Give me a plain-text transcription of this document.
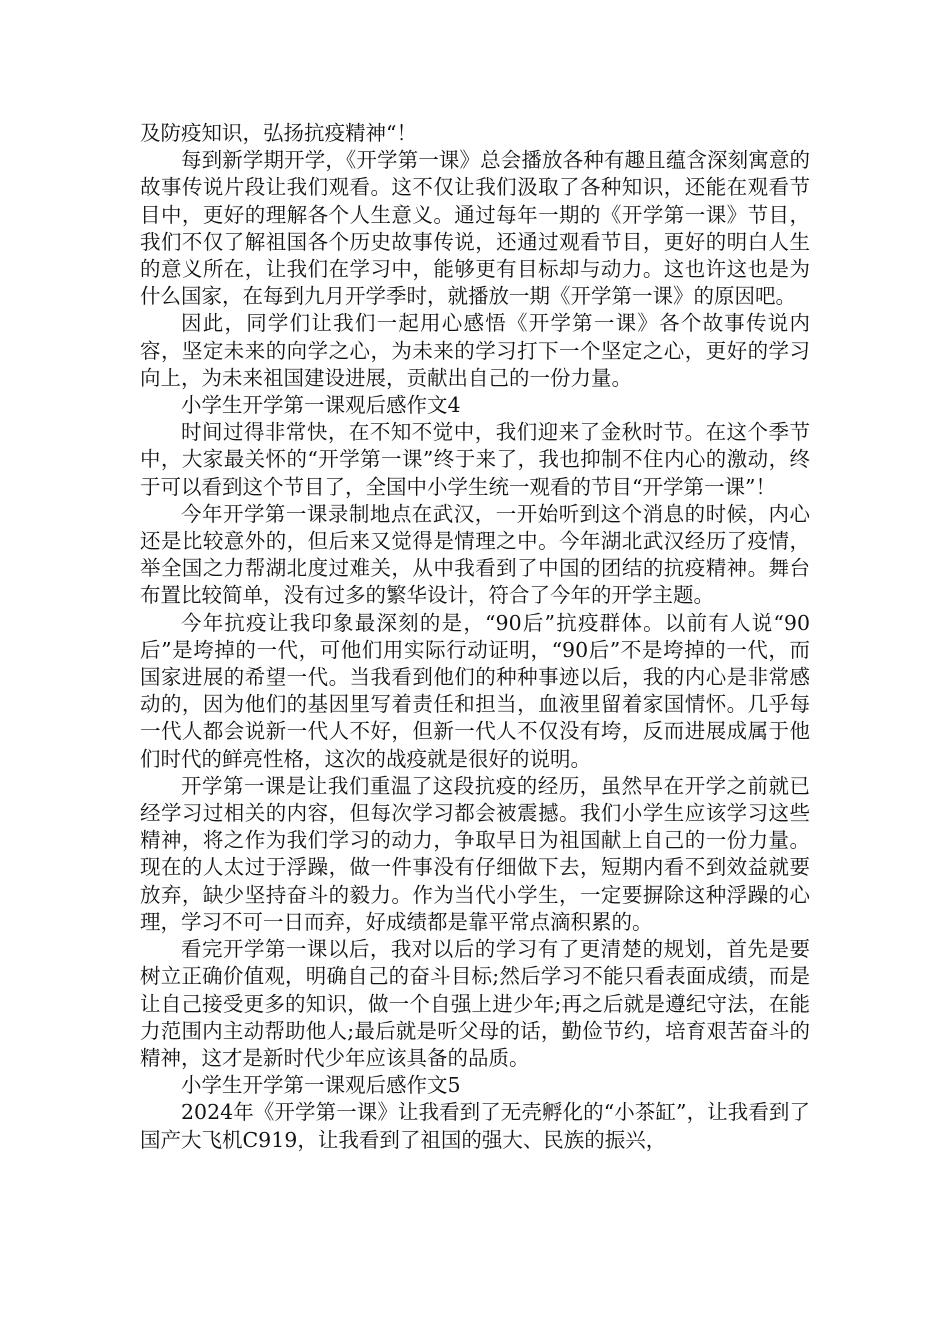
及防疫知识，弘扬抗疫精神“！

每到新学期开学，《开学第一课》总会播放各种有趣且蕴含深刻寓意的故事传说片段让我们观看。这不仅让我们汲取了各种知识，还能在观看节目中，更好的理解各个人生意义。通过每年一期的《开学第一课》节目，我们不仅了解祖国各个历史故事传说，还通过观看节目，更好的明白人生的意义所在，让我们在学习中，能够更有目标却与动力。这也许这也是为什么国家，在每到九月开学季时，就播放一期《开学第一课》的原因吧。

因此，同学们让我们一起用心感悟《开学第一课》各个故事传说内容，坚定未来的向学之心，为未来的学习打下一个坚定之心，更好的学习向上，为未来祖国建设进展，贡献出自己的一份力量。

小学生开学第一课观后感作文4

时间过得非常快，在不知不觉中，我们迎来了金秋时节。在这个季节中，大家最关怀的“开学第一课”终于来了，我也抑制不住内心的激动，终于可以看到这个节目了，全国中小学生统一观看的节目“开学第一课”！

今年开学第一课录制地点在武汉，一开始听到这个消息的时候，内心还是比较意外的，但后来又觉得是情理之中。今年湖北武汉经历了疫情，举全国之力帮湖北度过难关，从中我看到了中国的团结的抗疫精神。舞台布置比较简单，没有过多的繁华设计，符合了今年的开学主题。

今年抗疫让我印象最深刻的是，“90后”抗疫群体。以前有人说“90后”是垮掉的一代，可他们用实际行动证明，“90后”不是垮掉的一代，而国家进展的希望一代。当我看到他们的种种事迹以后，我的内心是非常感动的，因为他们的基因里写着责任和担当，血液里留着家国情怀。几乎每一代人都会说新一代人不好，但新一代人不仅没有垮，反而进展成属于他们时代的鲜亮性格，这次的战疫就是很好的说明。

开学第一课是让我们重温了这段抗疫的经历，虽然早在开学之前就已经学习过相关的内容，但每次学习都会被震撼。我们小学生应该学习这些精神，将之作为我们学习的动力，争取早日为祖国献上自己的一份力量。现在的人太过于浮躁，做一件事没有仔细做下去，短期内看不到效益就要放弃，缺少坚持奋斗的毅力。作为当代小学生，一定要摒除这种浮躁的心理，学习不可一日而弃，好成绩都是靠平常点滴积累的。

看完开学第一课以后，我对以后的学习有了更清楚的规划，首先是要树立正确价值观，明确自己的奋斗目标;然后学习不能只看表面成绩，而是让自己接受更多的知识，做一个自强上进少年;再之后就是遵纪守法，在能力范围内主动帮助他人;最后就是听父母的话，勤俭节约，培育艰苦奋斗的精神，这才是新时代少年应该具备的品质。

小学生开学第一课观后感作文5

2024年《开学第一课》让我看到了无壳孵化的“小茶缸”，让我看到了国产大飞机C919，让我看到了祖国的强大、民族的振兴，
